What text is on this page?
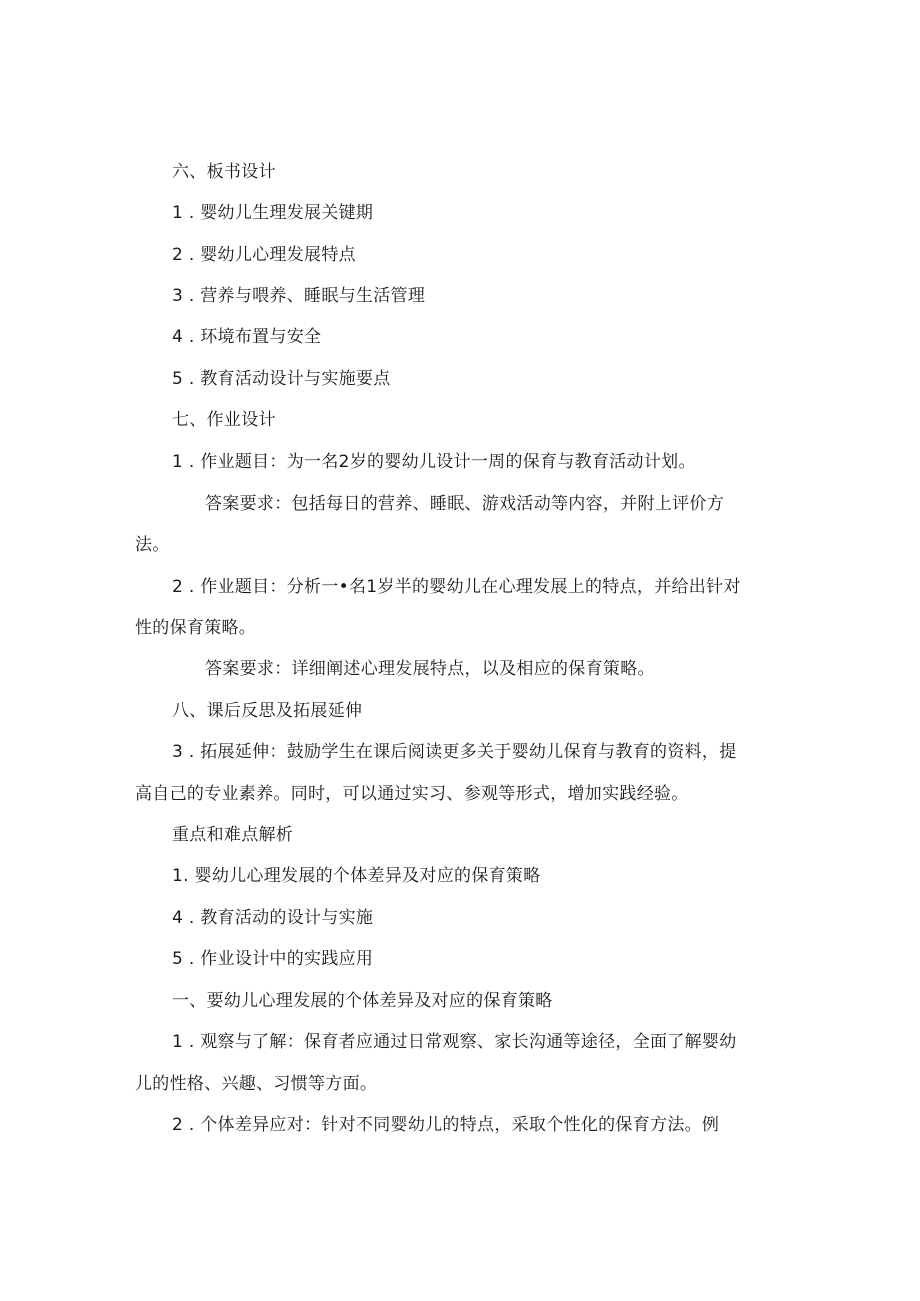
六、板书设计
1 . 婴幼儿生理发展关键期
2 . 婴幼儿心理发展特点
3 . 营养与喂养、睡眠与生活管理
4 . 环境布置与安全
5 . 教育活动设计与实施要点
七、作业设计
1 . 作业题目：为一名2岁的婴幼儿设计一周的保育与教育活动计划。
答案要求：包括每日的营养、睡眠、游戏活动等内容，并附上评价方
法。
2 . 作业题目：分析一•名1岁半的婴幼儿在心理发展上的特点，并给出针对
性的保育策略。
答案要求：详细阐述心理发展特点，以及相应的保育策略。
八、课后反思及拓展延伸
3 . 拓展延伸：鼓励学生在课后阅读更多关于婴幼儿保育与教育的资料，提
高自己的专业素养。同时，可以通过实习、参观等形式，增加实践经验。
重点和难点解析
1. 婴幼儿心理发展的个体差异及对应的保育策略
4 . 教育活动的设计与实施
5 . 作业设计中的实践应用
一、要幼儿心理发展的个体差异及对应的保育策略
1 . 观察与了解：保育者应通过日常观察、家长沟通等途径，全面了解婴幼
儿的性格、兴趣、习惯等方面。
2 . 个体差异应对：针对不同婴幼儿的特点，采取个性化的保育方法。例
